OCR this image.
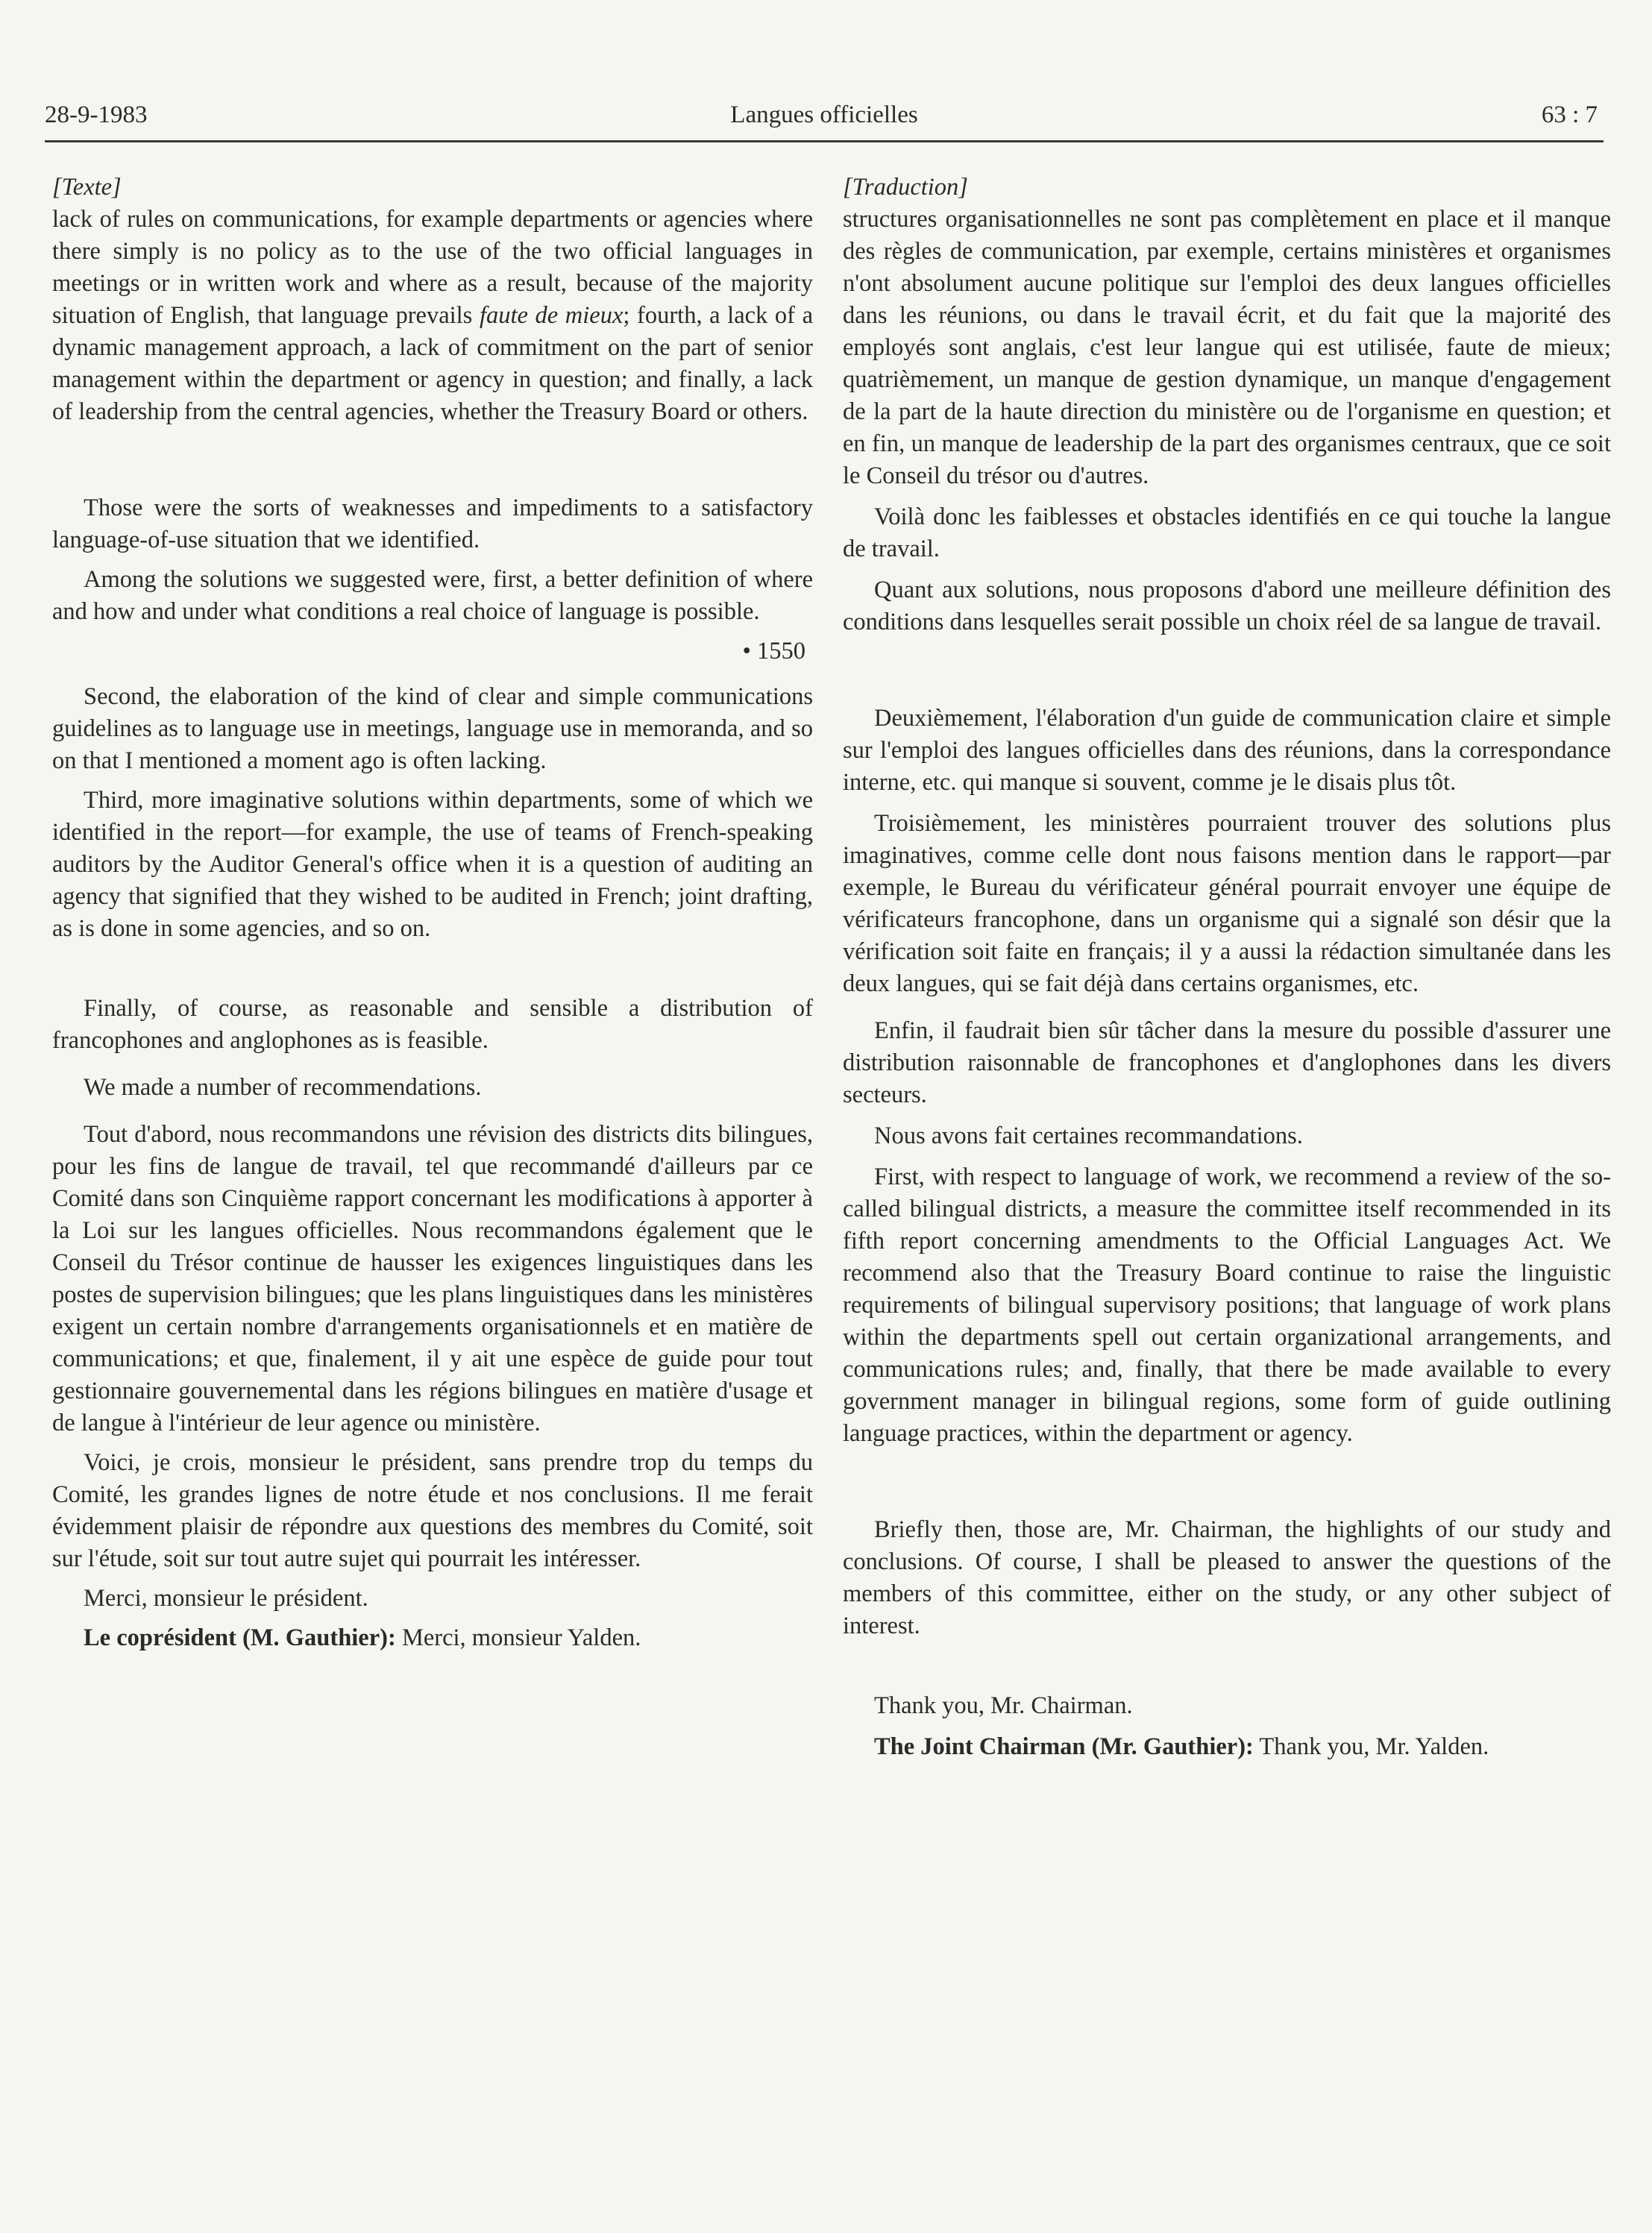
28-9-1983	Langues officielles	63 : 7

[Texte]

lack of rules on communications, for example departments or agencies where there simply is no policy as to the use of the two official languages in meetings or in written work and where as a result, because of the majority situation of English, that language prevails faute de mieux; fourth, a lack of a dynamic management approach, a lack of commitment on the part of senior management within the department or agency in question; and finally, a lack of leadership from the central agencies, whether the Treasury Board or others.

Those were the sorts of weaknesses and impediments to a satisfactory language-of-use situation that we identified.

Among the solutions we suggested were, first, a better definition of where and how and under what conditions a real choice of language is possible.

• 1550

Second, the elaboration of the kind of clear and simple communications guidelines as to language use in meetings, language use in memoranda, and so on that I mentioned a moment ago is often lacking.

Third, more imaginative solutions within departments, some of which we identified in the report—for example, the use of teams of French-speaking auditors by the Auditor General's office when it is a question of auditing an agency that signified that they wished to be audited in French; joint drafting, as is done in some agencies, and so on.

Finally, of course, as reasonable and sensible a distribution of francophones and anglophones as is feasible.

We made a number of recommendations.

Tout d'abord, nous recommandons une révision des districts dits bilingues, pour les fins de langue de travail, tel que recommandé d'ailleurs par ce Comité dans son Cinquième rapport concernant les modifications à apporter à la Loi sur les langues officielles. Nous recommandons également que le Conseil du Trésor continue de hausser les exigences linguistiques dans les postes de supervision bilingues; que les plans linguistiques dans les ministères exigent un certain nombre d'arrangements organisationnels et en matière de communications; et que, finalement, il y ait une espèce de guide pour tout gestionnaire gouvernemental dans les régions bilingues en matière d'usage et de langue à l'intérieur de leur agence ou ministère.

Voici, je crois, monsieur le président, sans prendre trop du temps du Comité, les grandes lignes de notre étude et nos conclusions. Il me ferait évidemment plaisir de répondre aux questions des membres du Comité, soit sur l'étude, soit sur tout autre sujet qui pourrait les intéresser.

Merci, monsieur le président.

Le coprésident (M. Gauthier): Merci, monsieur Yalden.

[Traduction]

structures organisationnelles ne sont pas complètement en place et il manque des règles de communication, par exemple, certains ministères et organismes n'ont absolument aucune politique sur l'emploi des deux langues officielles dans les réunions, ou dans le travail écrit, et du fait que la majorité des employés sont anglais, c'est leur langue qui est utilisée, faute de mieux; quatrièmement, un manque de gestion dynamique, un manque d'engagement de la part de la haute direction du ministère ou de l'organisme en question; et en fin, un manque de leadership de la part des organismes centraux, que ce soit le Conseil du trésor ou d'autres.

Voilà donc les faiblesses et obstacles identifiés en ce qui touche la langue de travail.

Quant aux solutions, nous proposons d'abord une meilleure définition des conditions dans lesquelles serait possible un choix réel de sa langue de travail.

Deuxièmement, l'élaboration d'un guide de communication claire et simple sur l'emploi des langues officielles dans des réunions, dans la correspondance interne, etc. qui manque si souvent, comme je le disais plus tôt.

Troisièmement, les ministères pourraient trouver des solutions plus imaginatives, comme celle dont nous faisons mention dans le rapport—par exemple, le Bureau du vérificateur général pourrait envoyer une équipe de vérificateurs francophone, dans un organisme qui a signalé son désir que la vérification soit faite en français; il y a aussi la rédaction simultanée dans les deux langues, qui se fait déjà dans certains organismes, etc.

Enfin, il faudrait bien sûr tâcher dans la mesure du possible d'assurer une distribution raisonnable de francophones et d'anglophones dans les divers secteurs.

Nous avons fait certaines recommandations.

First, with respect to language of work, we recommend a review of the so-called bilingual districts, a measure the committee itself recommended in its fifth report concerning amendments to the Official Languages Act. We recommend also that the Treasury Board continue to raise the linguistic requirements of bilingual supervisory positions; that language of work plans within the departments spell out certain organizational arrangements, and communications rules; and, finally, that there be made available to every government manager in bilingual regions, some form of guide outlining language practices, within the department or agency.

Briefly then, those are, Mr. Chairman, the highlights of our study and conclusions. Of course, I shall be pleased to answer the questions of the members of this committee, either on the study, or any other subject of interest.

Thank you, Mr. Chairman.

The Joint Chairman (Mr. Gauthier): Thank you, Mr. Yalden.
